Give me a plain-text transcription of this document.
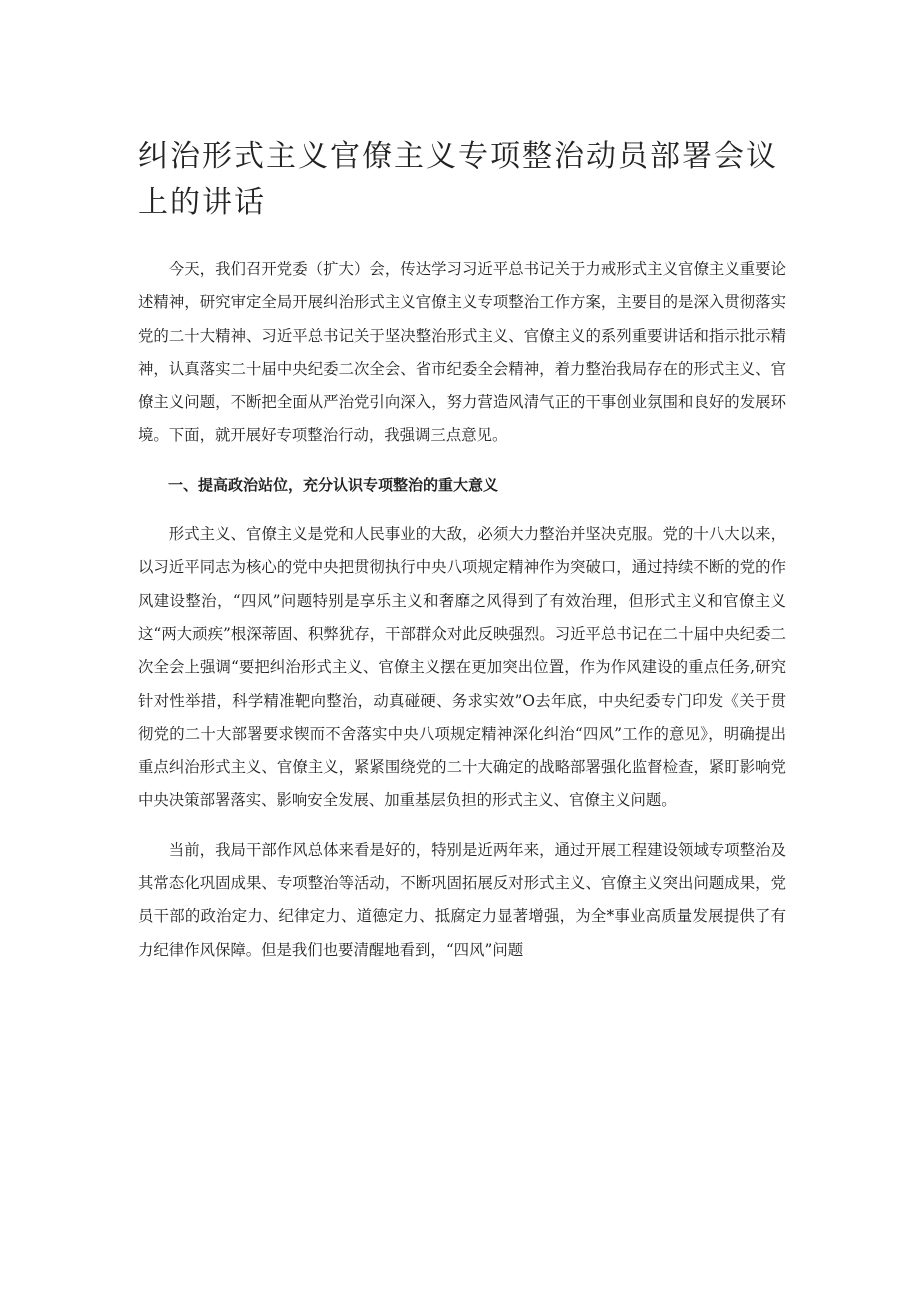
纠治形式主义官僚主义专项整治动员部署会议上的讲话

今天，我们召开党委（扩大）会，传达学习习近平总书记关于力戒形式主义官僚主义重要论述精神，研究审定全局开展纠治形式主义官僚主义专项整治工作方案，主要目的是深入贯彻落实党的二十大精神、习近平总书记关于坚决整治形式主义、官僚主义的系列重要讲话和指示批示精神，认真落实二十届中央纪委二次全会、省市纪委全会精神，着力整治我局存在的形式主义、官僚主义问题，不断把全面从严治党引向深入，努力营造风清气正的干事创业氛围和良好的发展环境。下面，就开展好专项整治行动，我强调三点意见。

一、提高政治站位，充分认识专项整治的重大意义

形式主义、官僚主义是党和人民事业的大敌，必须大力整治并坚决克服。党的十八大以来，以习近平同志为核心的党中央把贯彻执行中央八项规定精神作为突破口，通过持续不断的党的作风建设整治，“四风”问题特别是享乐主义和奢靡之风得到了有效治理，但形式主义和官僚主义这“两大顽疾”根深蒂固、积弊犹存，干部群众对此反映强烈。习近平总书记在二十届中央纪委二次全会上强调“要把纠治形式主义、官僚主义摆在更加突出位置，作为作风建设的重点任务,研究针对性举措，科学精准靶向整治，动真碰硬、务求实效”O去年底，中央纪委专门印发《关于贯彻党的二十大部署要求锲而不舍落实中央八项规定精神深化纠治“四风”工作的意见》，明确提出重点纠治形式主义、官僚主义，紧紧围绕党的二十大确定的战略部署强化监督检查，紧盯影响党中央决策部署落实、影响安全发展、加重基层负担的形式主义、官僚主义问题。

当前，我局干部作风总体来看是好的，特别是近两年来，通过开展工程建设领域专项整治及其常态化巩固成果、专项整治等活动，不断巩固拓展反对形式主义、官僚主义突出问题成果，党员干部的政治定力、纪律定力、道德定力、抵腐定力显著增强，为全*事业高质量发展提供了有力纪律作风保障。但是我们也要清醒地看到，“四风”问题
